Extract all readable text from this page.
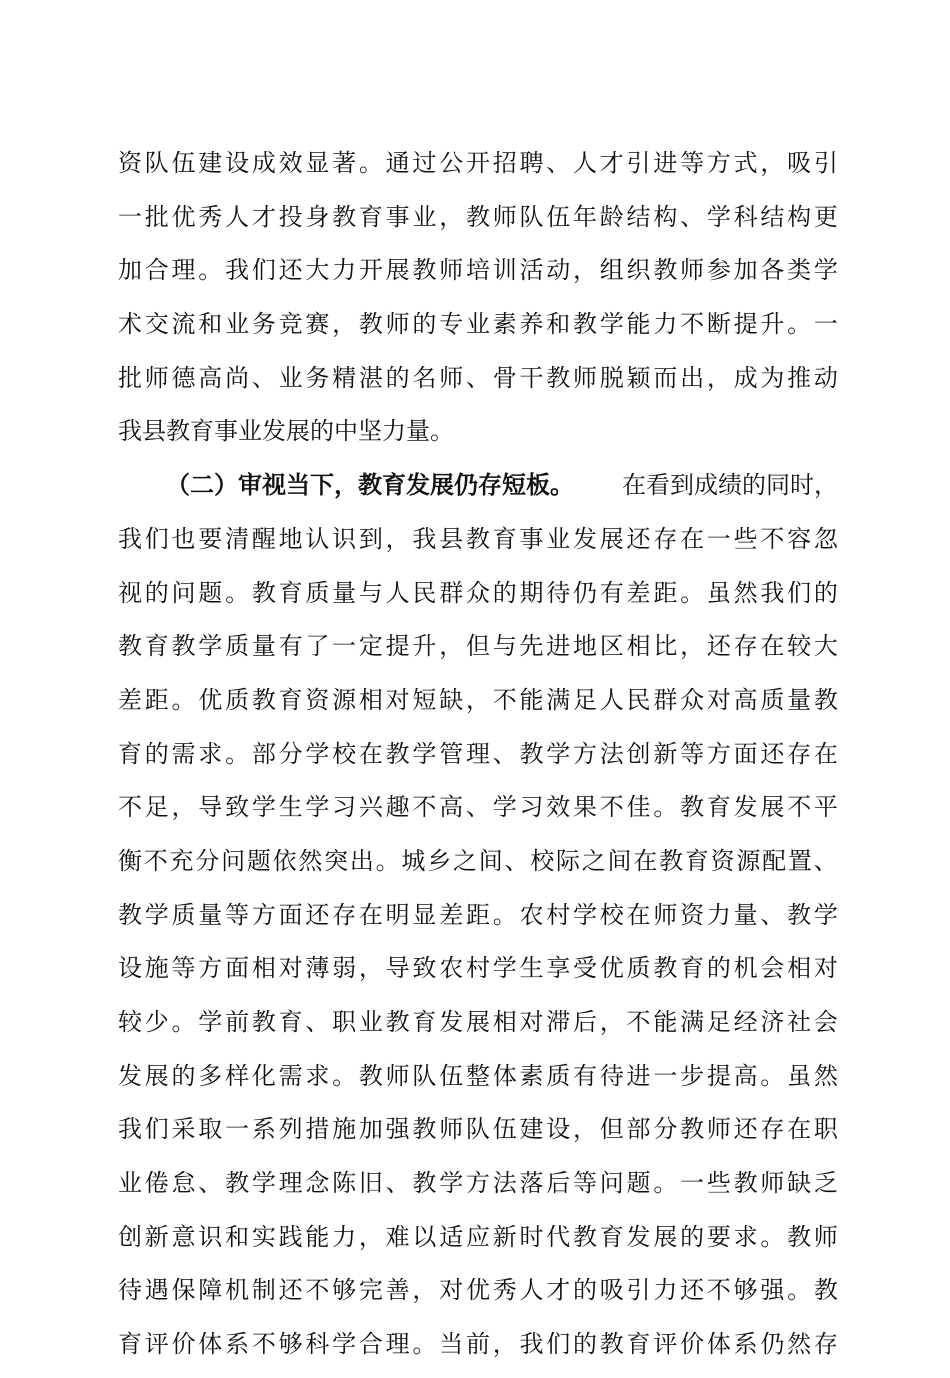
资 队 伍 建 设 成 效 显 著 。 通 过 公 开 招 聘 、 人 才 引 进 等 方 式 ， 吸 引
一 批 优 秀 人 才 投 身 教 育 事 业 ， 教 师 队 伍 年 龄 结 构 、 学 科 结 构 更
加 合 理 。 我 们 还 大 力 开 展 教 师 培 训 活 动 ， 组 织 教 师 参 加 各 类 学
术 交 流 和 业 务 竞 赛 ， 教 师 的 专 业 素 养 和 教 学 能 力 不 断 提 升 。 一
批 师 德 高 尚 、 业 务 精 湛 的 名 师 、 骨 干 教 师 脱 颖 而 出 ， 成 为 推 动
我县教育事业发展的中坚力量。
（二）审视当下，教育发展仍存短板。 在看到成绩的同时，
我 们 也 要 清 醒 地 认 识 到 ， 我 县 教 育 事 业 发 展 还 存 在 一 些 不 容 忽
视 的 问 题 。 教 育 质 量 与 人 民 群 众 的 期 待 仍 有 差 距 。 虽 然 我 们 的
教 育 教 学 质 量 有 了 一 定 提 升 ， 但 与 先 进 地 区 相 比 ， 还 存 在 较 大
差 距 。 优 质 教 育 资 源 相 对 短 缺 ， 不 能 满 足 人 民 群 众 对 高 质 量 教
育 的 需 求 。 部 分 学 校 在 教 学 管 理 、 教 学 方 法 创 新 等 方 面 还 存 在
不 足 ， 导 致 学 生 学 习 兴 趣 不 高 、 学 习 效 果 不 佳 。 教 育 发 展 不 平
衡 不 充 分 问 题 依 然 突 出 。 城 乡 之 间 、 校 际 之 间 在 教 育 资 源 配 置 、
教 学 质 量 等 方 面 还 存 在 明 显 差 距 。 农 村 学 校 在 师 资 力 量 、 教 学
设 施 等 方 面 相 对 薄 弱 ， 导 致 农 村 学 生 享 受 优 质 教 育 的 机 会 相 对
较 少 。 学 前 教 育 、 职 业 教 育 发 展 相 对 滞 后 ， 不 能 满 足 经 济 社 会
发 展 的 多 样 化 需 求 。 教 师 队 伍 整 体 素 质 有 待 进 一 步 提 高 。 虽 然
我 们 采 取 一 系 列 措 施 加 强 教 师 队 伍 建 设 ， 但 部 分 教 师 还 存 在 职
业 倦 怠 、 教 学 理 念 陈 旧 、 教 学 方 法 落 后 等 问 题 。 一 些 教 师 缺 乏
创 新 意 识 和 实 践 能 力 ， 难 以 适 应 新 时 代 教 育 发 展 的 要 求 。 教 师
待 遇 保 障 机 制 还 不 够 完 善 ， 对 优 秀 人 才 的 吸 引 力 还 不 够 强 。 教
育 评 价 体 系 不 够 科 学 合 理 。 当 前 ， 我 们 的 教 育 评 价 体 系 仍 然 存
